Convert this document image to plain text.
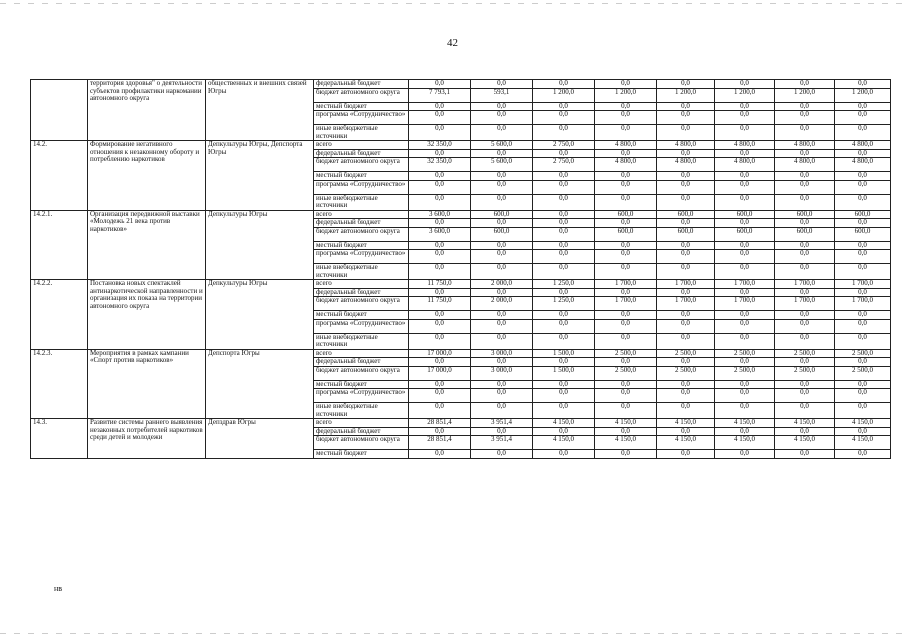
42
	территория здоровья" о деятельности субъектов профилактики наркомании автономного округа	общественных и внешних связей Югры	федеральный бюджет	0,0	0,0	0,0	0,0	0,0	0,0	0,0	0,0
			бюджет автономного округа	7 793,1	593,1	1 200,0	1 200,0	1 200,0	1 200,0	1 200,0	1 200,0
			местный бюджет	0,0	0,0	0,0	0,0	0,0	0,0	0,0	0,0
			программа «Сотрудничество»	0,0	0,0	0,0	0,0	0,0	0,0	0,0	0,0
			иные внебюджетные источники	0,0	0,0	0,0	0,0	0,0	0,0	0,0	0,0
14.2.	Формирование негативного отношения к незаконному обороту и потреблению наркотиков	Депкультуры Югры, Депспорта Югры	всего	32 350,0	5 600,0	2 750,0	4 800,0	4 800,0	4 800,0	4 800,0	4 800,0
			федеральный бюджет	0,0	0,0	0,0	0,0	0,0	0,0	0,0	0,0
			бюджет автономного округа	32 350,0	5 600,0	2 750,0	4 800,0	4 800,0	4 800,0	4 800,0	4 800,0
			местный бюджет	0,0	0,0	0,0	0,0	0,0	0,0	0,0	0,0
			программа «Сотрудничество»	0,0	0,0	0,0	0,0	0,0	0,0	0,0	0,0
			иные внебюджетные источники	0,0	0,0	0,0	0,0	0,0	0,0	0,0	0,0
14.2.1.	Организация передвижной выставки «Молодежь 21 века против наркотиков»	Депкультуры Югры	всего	3 600,0	600,0	0,0	600,0	600,0	600,0	600,0	600,0
			федеральный бюджет	0,0	0,0	0,0	0,0	0,0	0,0	0,0	0,0
			бюджет автономного округа	3 600,0	600,0	0,0	600,0	600,0	600,0	600,0	600,0
			местный бюджет	0,0	0,0	0,0	0,0	0,0	0,0	0,0	0,0
			программа «Сотрудничество»	0,0	0,0	0,0	0,0	0,0	0,0	0,0	0,0
			иные внебюджетные источники	0,0	0,0	0,0	0,0	0,0	0,0	0,0	0,0
14.2.2.	Постановка новых спектаклей антинаркотической направленности и организация их показа на территории автономного округа	Депкультуры Югры	всего	11 750,0	2 000,0	1 250,0	1 700,0	1 700,0	1 700,0	1 700,0	1 700,0
			федеральный бюджет	0,0	0,0	0,0	0,0	0,0	0,0	0,0	0,0
			бюджет автономного округа	11 750,0	2 000,0	1 250,0	1 700,0	1 700,0	1 700,0	1 700,0	1 700,0
			местный бюджет	0,0	0,0	0,0	0,0	0,0	0,0	0,0	0,0
			программа «Сотрудничество»	0,0	0,0	0,0	0,0	0,0	0,0	0,0	0,0
			иные внебюджетные источники	0,0	0,0	0,0	0,0	0,0	0,0	0,0	0,0
14.2.3.	Мероприятия в рамках кампании «Спорт против наркотиков»	Депспорта Югры	всего	17 000,0	3 000,0	1 500,0	2 500,0	2 500,0	2 500,0	2 500,0	2 500,0
			федеральный бюджет	0,0	0,0	0,0	0,0	0,0	0,0	0,0	0,0
			бюджет автономного округа	17 000,0	3 000,0	1 500,0	2 500,0	2 500,0	2 500,0	2 500,0	2 500,0
			местный бюджет	0,0	0,0	0,0	0,0	0,0	0,0	0,0	0,0
			программа «Сотрудничество»	0,0	0,0	0,0	0,0	0,0	0,0	0,0	0,0
			иные внебюджетные источники	0,0	0,0	0,0	0,0	0,0	0,0	0,0	0,0
14.3.	Развитие системы раннего выявления незаконных потребителей наркотиков среди детей и молодежи	Депздрав Югры	всего	28 851,4	3 951,4	4 150,0	4 150,0	4 150,0	4 150,0	4 150,0	4 150,0
			федеральный бюджет	0,0	0,0	0,0	0,0	0,0	0,0	0,0	0,0
			бюджет автономного округа	28 851,4	3 951,4	4 150,0	4 150,0	4 150,0	4 150,0	4 150,0	4 150,0
			местный бюджет	0,0	0,0	0,0	0,0	0,0	0,0	0,0	0,0
нв
